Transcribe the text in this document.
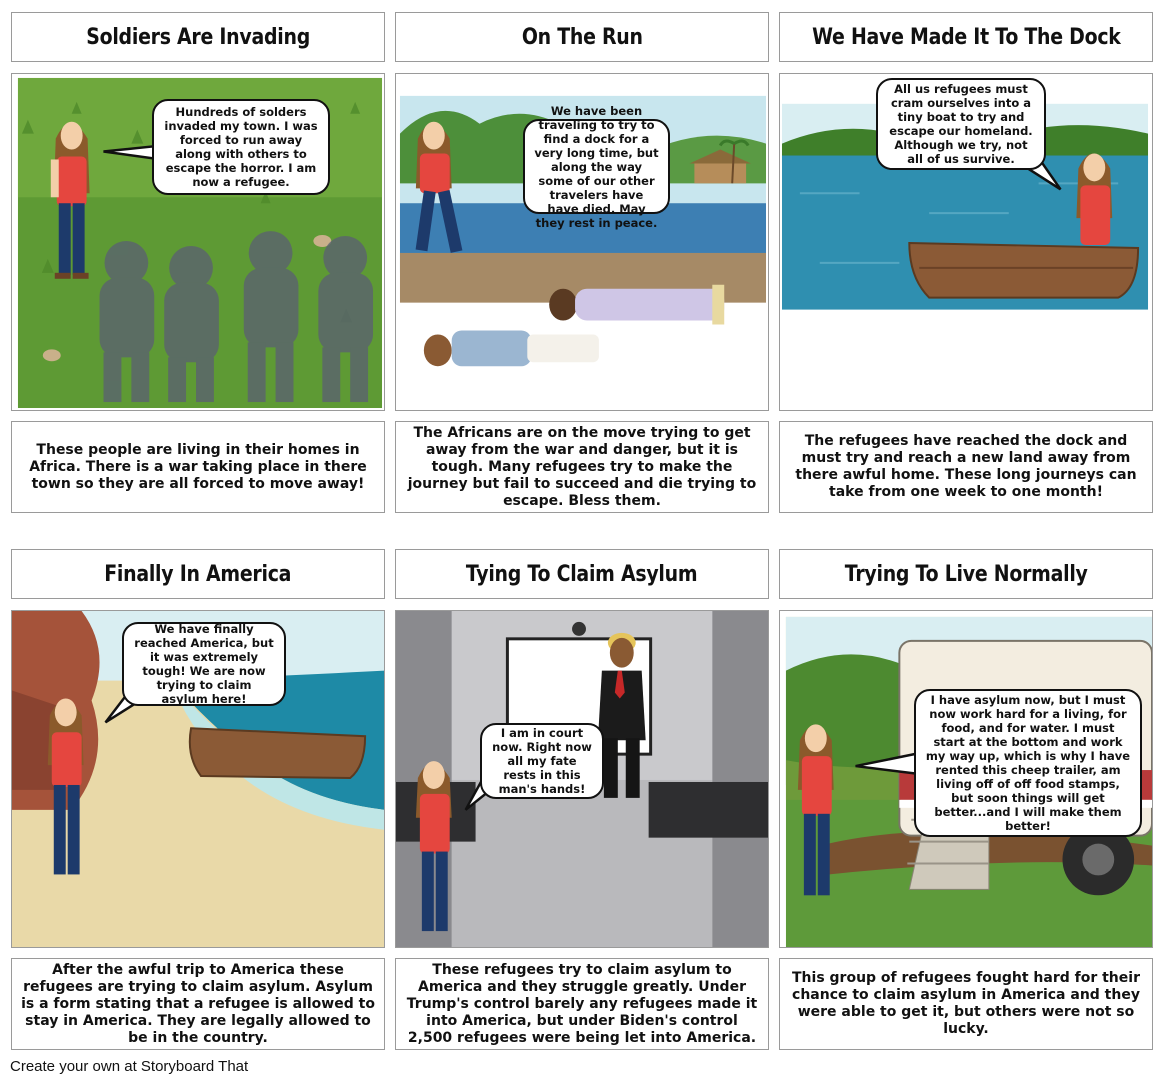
Soldiers Are Invading	On The Run	We Have Made It To The Dock
Hundreds of solders invaded my town. I was forced to run away along with others to escape the horror. I am now a refugee.
We have been traveling to try to find a dock for a very long time, but along the way some of our other travelers have have died. May they rest in peace.
All us refugees must cram ourselves into a tiny boat to try and escape our homeland. Although we try, not all of us survive.
These people are living in their homes in Africa. There is a war taking place in there town so they are all forced to move away!
The Africans are on the move trying to get away from the war and danger, but it is tough. Many refugees try to make the journey but fail to succeed and die trying to escape. Bless them.
The refugees have reached the dock and must try and reach a new land away from there awful home. These long journeys can take from one week to one month!
Finally In America	Tying To Claim Asylum	Trying To Live Normally
We have finally reached America, but it was extremely tough! We are now trying to claim asylum here!
I am in court now. Right now all my fate rests in this man's hands!
I have asylum now, but I must now work hard for a living, for food, and for water. I must start at the bottom and work my way up, which is why I have rented this cheep trailer, am living off of off food stamps, but soon things will get better...and I will make them better!
After the awful trip to America these refugees are trying to claim asylum. Asylum is a form stating that a refugee is allowed to stay in America. They are legally allowed to be in the country.
These refugees try to claim asylum to America and they struggle greatly. Under Trump's control barely any refugees made it into America, but under Biden's control 2,500 refugees were being let into America.
This group of refugees fought hard for their chance to claim asylum in America and they were able to get it, but others were not so lucky.
Create your own at Storyboard That
